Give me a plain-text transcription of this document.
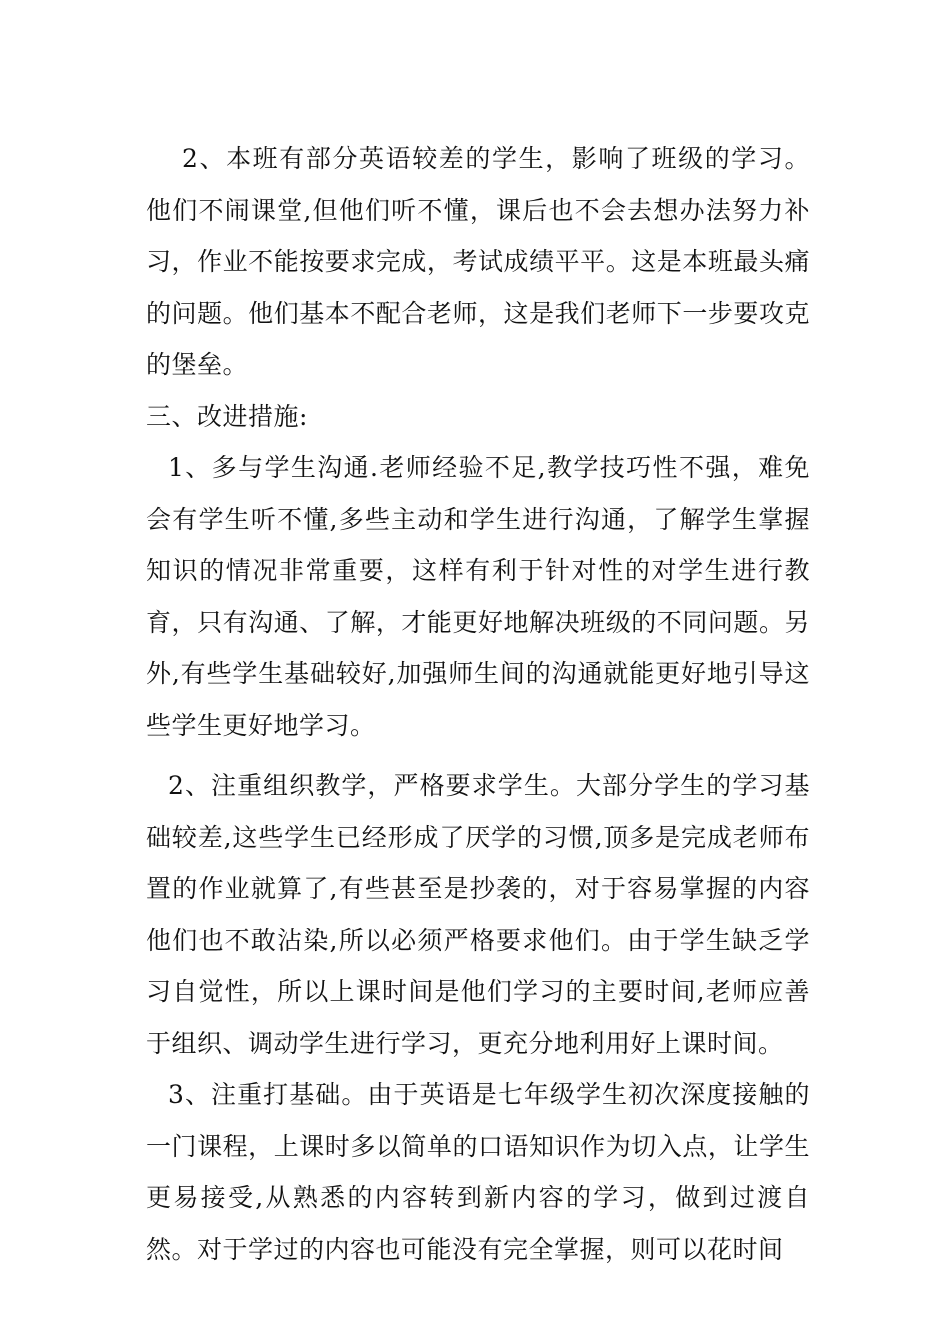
2、本班有部分英语较差的学生，影响了班级的学习。他们不闹课堂,但他们听不懂，课后也不会去想办法努力补习，作业不能按要求完成，考试成绩平平。这是本班最头痛的问题。他们基本不配合老师，这是我们老师下一步要攻克的堡垒。

三、改进措施:

1、多与学生沟通.老师经验不足,教学技巧性不强，难免会有学生听不懂,多些主动和学生进行沟通，了解学生掌握知识的情况非常重要，这样有利于针对性的对学生进行教育，只有沟通、了解，才能更好地解决班级的不同问题。另外,有些学生基础较好,加强师生间的沟通就能更好地引导这些学生更好地学习。

2、注重组织教学，严格要求学生。大部分学生的学习基础较差,这些学生已经形成了厌学的习惯,顶多是完成老师布置的作业就算了,有些甚至是抄袭的，对于容易掌握的内容他们也不敢沾染,所以必须严格要求他们。由于学生缺乏学习自觉性，所以上课时间是他们学习的主要时间,老师应善于组织、调动学生进行学习，更充分地利用好上课时间。

3、注重打基础。由于英语是七年级学生初次深度接触的一门课程，上课时多以简单的口语知识作为切入点，让学生更易接受,从熟悉的内容转到新内容的学习，做到过渡自然。对于学过的内容也可能没有完全掌握，则可以花时间
